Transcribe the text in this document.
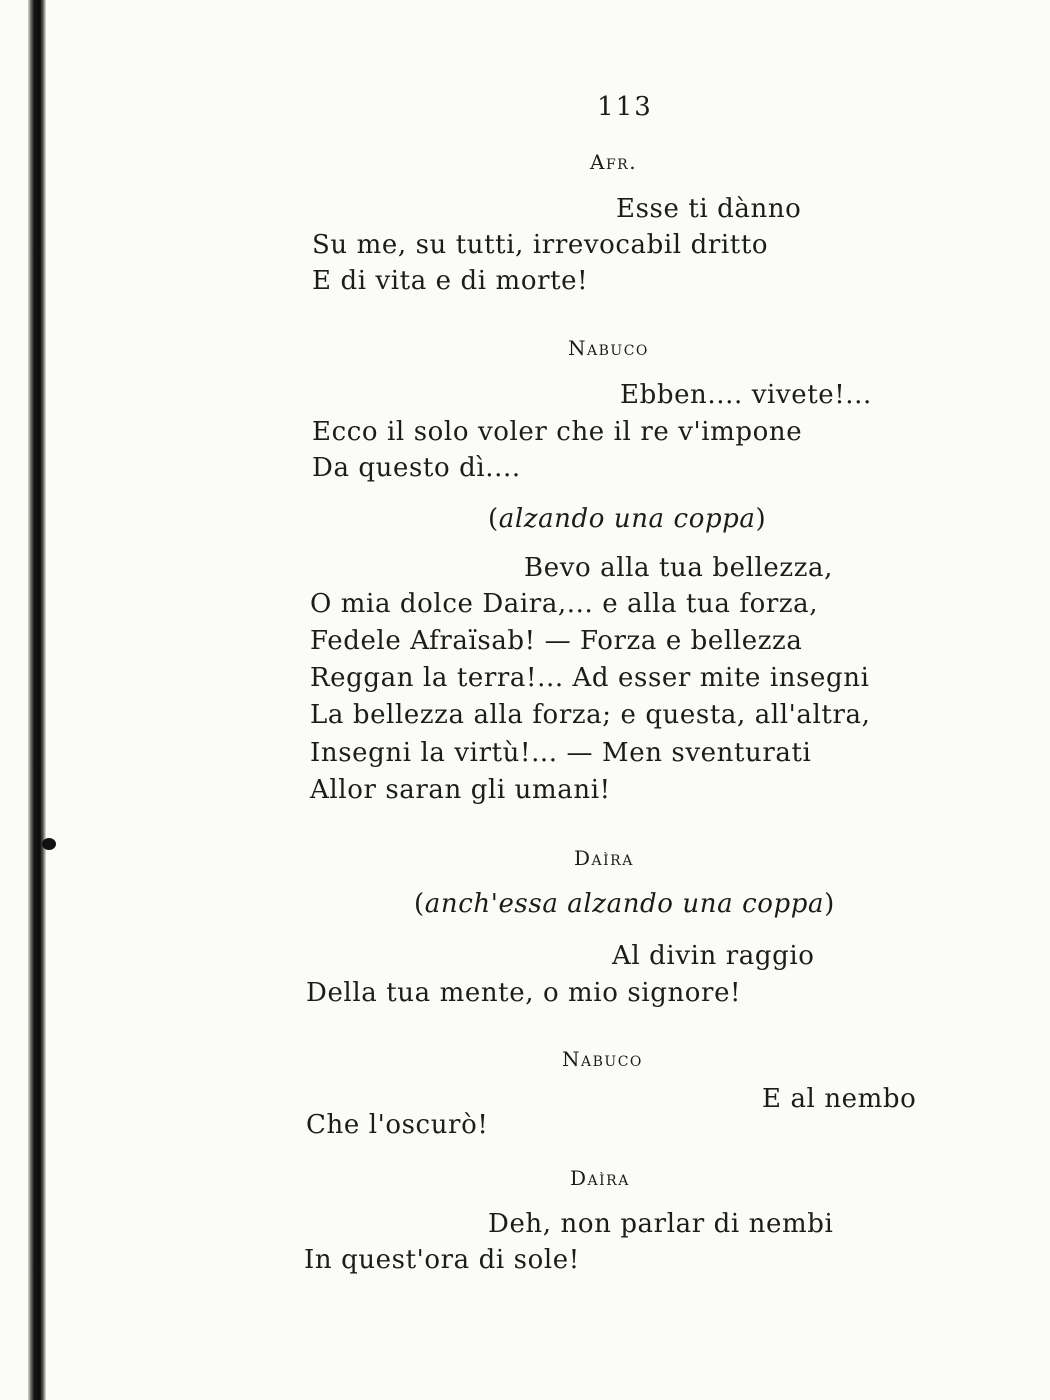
113
Afr.
Esse ti dànno
Su me, su tutti, irrevocabil dritto
E di vita e di morte!
Nabuco
Ebben.... vivete!...
Ecco il solo voler che il re v'impone
Da questo dì....
(alzando una coppa)
Bevo alla tua bellezza,
O mia dolce Daira,... e alla tua forza,
Fedele Afraïsab! — Forza e bellezza
Reggan la terra!... Ad esser mite insegni
La bellezza alla forza; e questa, all'altra,
Insegni la virtù!... — Men sventurati
Allor saran gli umani!
Daìra
(anch'essa alzando una coppa)
Al divin raggio
Della tua mente, o mio signore!
Nabuco
E al nembo
Che l'oscurò!
Daìra
Deh, non parlar di nembi
In quest'ora di sole!
